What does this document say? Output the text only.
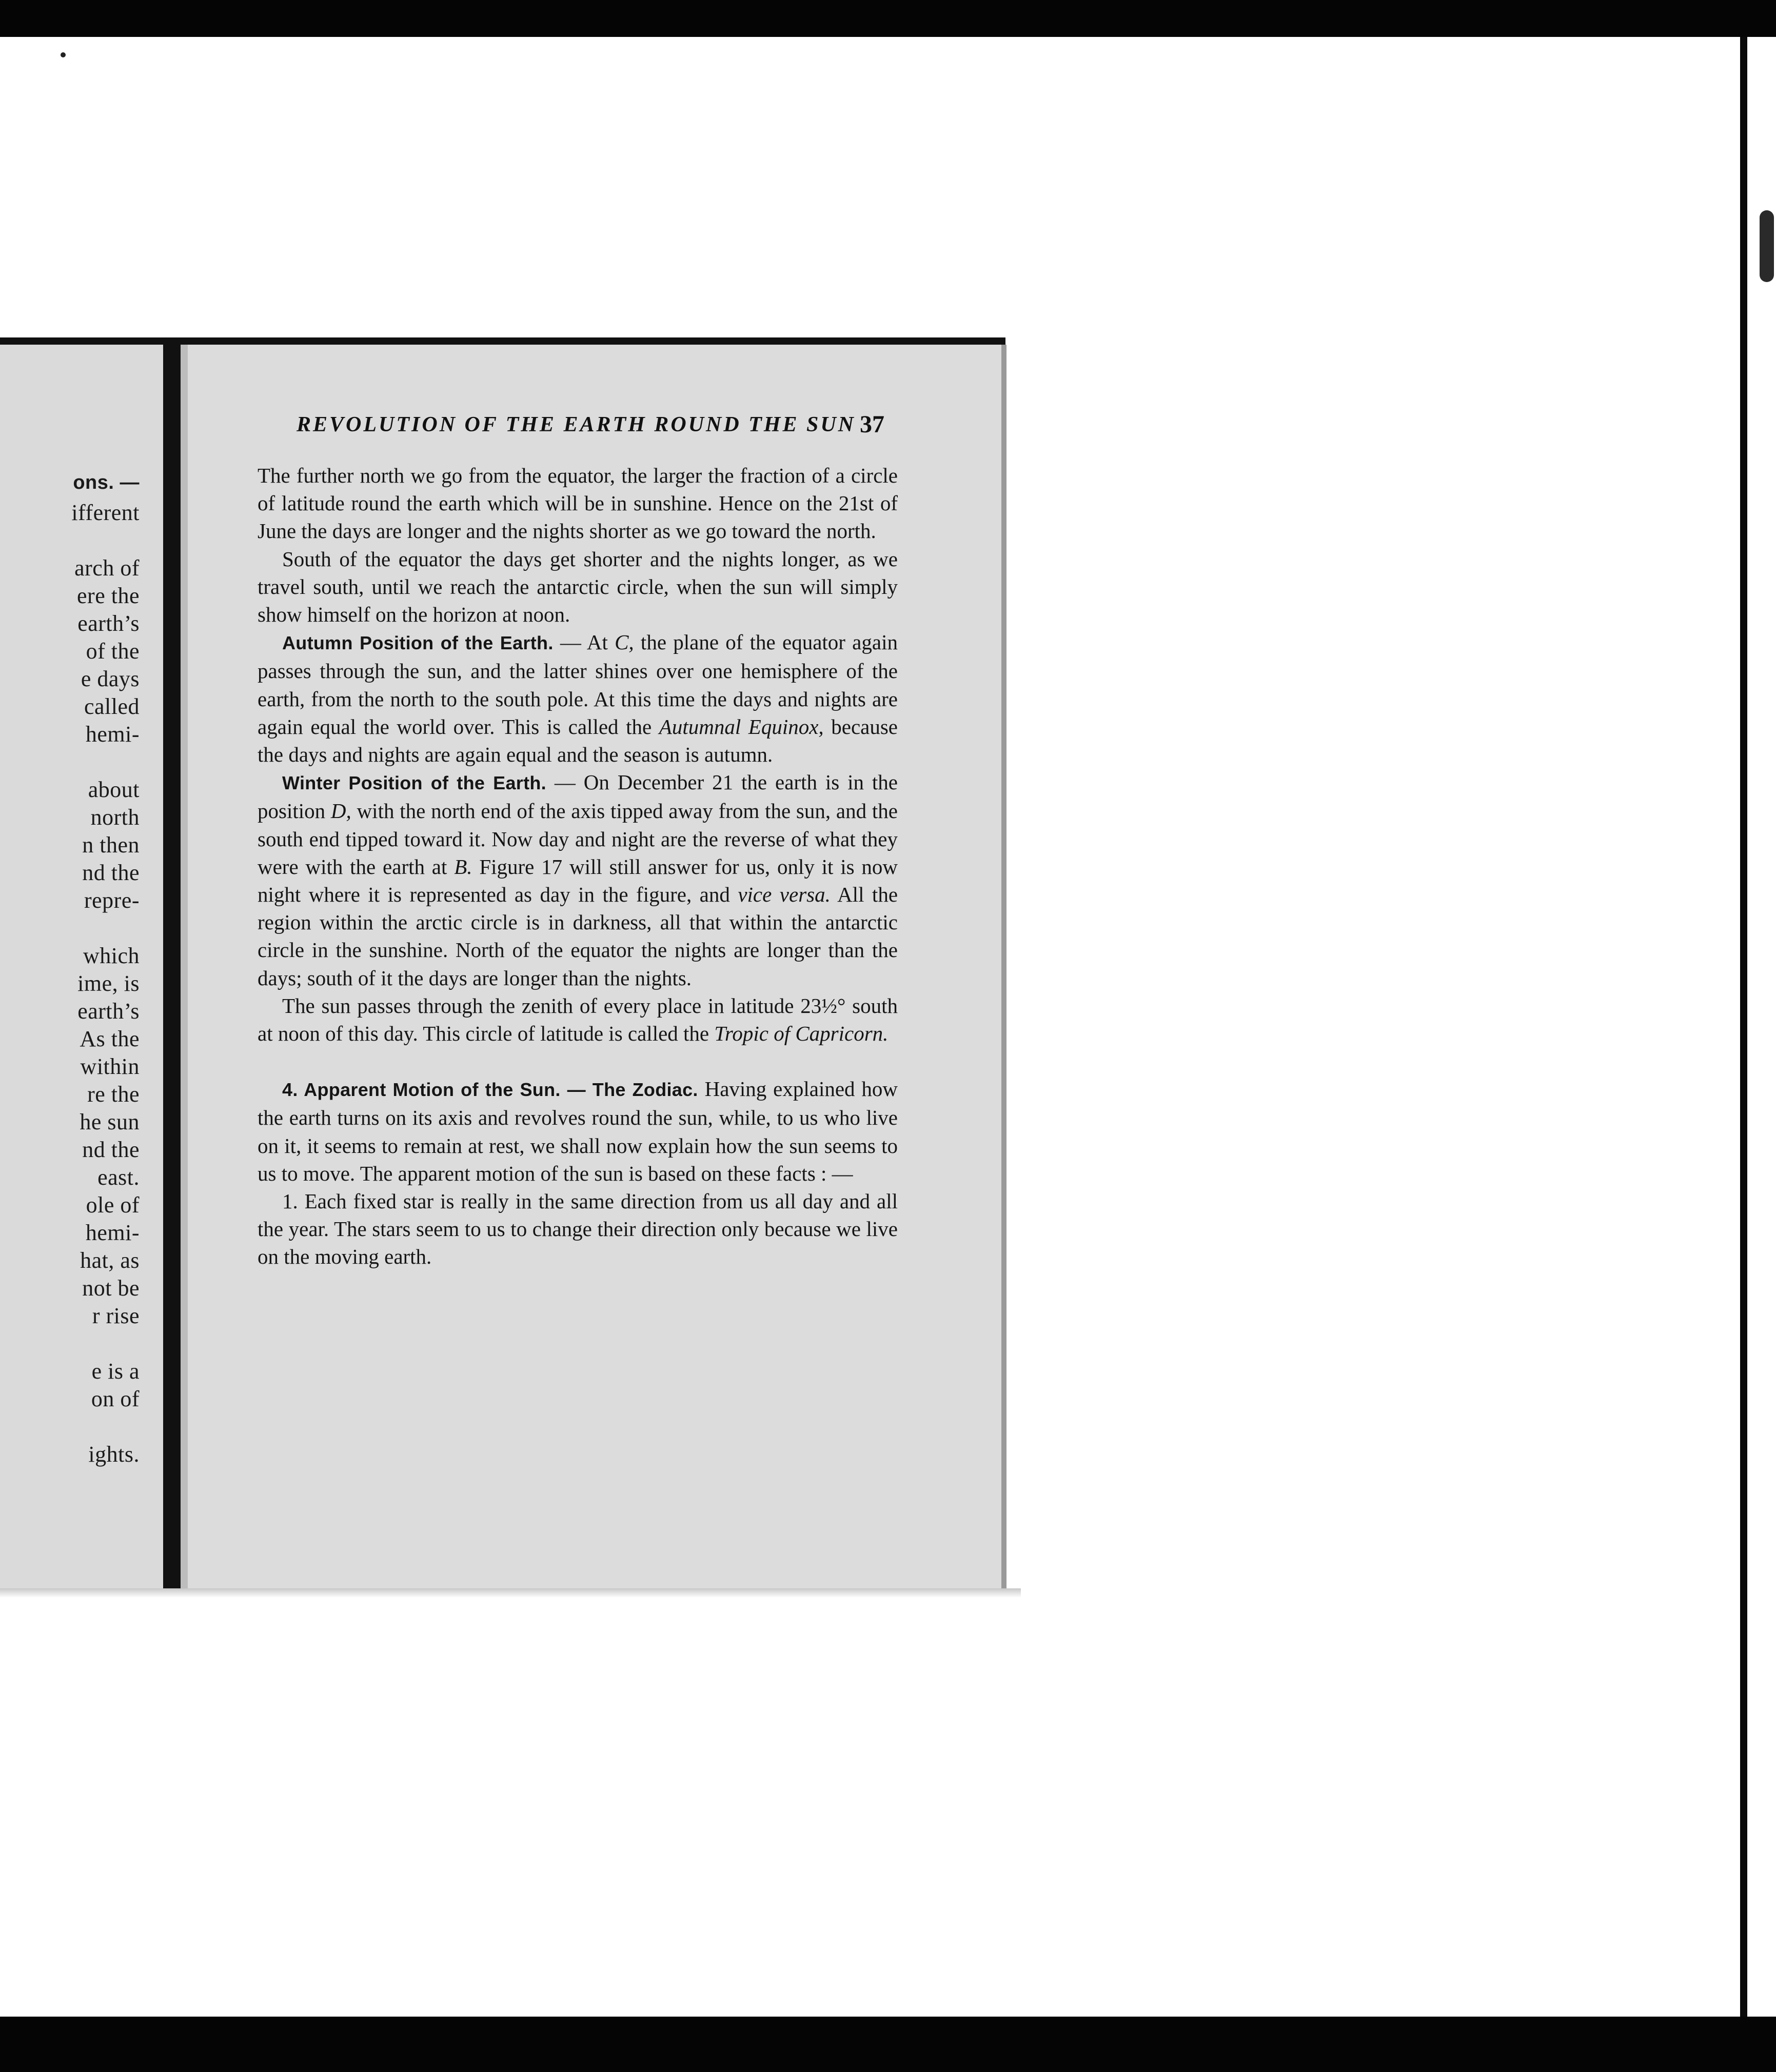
ons. —
ifferent
arch of
ere the
earth’s
of the
e days
called
hemi-
about
north
n then
nd the
repre-
which
ime, is
earth’s
As the
within
re the
he sun
nd the
east.
ole of
hemi-
hat, as
not be
r rise
e is a
on of
ights.
REVOLUTION OF THE EARTH ROUND THE SUN 37

The further north we go from the equator, the larger the fraction of a circle of latitude round the earth which will be in sunshine. Hence on the 21st of June the days are longer and the nights shorter as we go toward the north.

South of the equator the days get shorter and the nights longer, as we travel south, until we reach the antarctic circle, when the sun will simply show himself on the horizon at noon.

Autumn Position of the Earth. — At C, the plane of the equator again passes through the sun, and the latter shines over one hemisphere of the earth, from the north to the south pole. At this time the days and nights are again equal the world over. This is called the Autumnal Equinox, because the days and nights are again equal and the season is autumn.

Winter Position of the Earth. — On December 21 the earth is in the position D, with the north end of the axis tipped away from the sun, and the south end tipped toward it. Now day and night are the reverse of what they were with the earth at B. Figure 17 will still answer for us, only it is now night where it is represented as day in the figure, and vice versa. All the region within the arctic circle is in darkness, all that within the antarctic circle in the sunshine. North of the equator the nights are longer than the days; south of it the days are longer than the nights.

The sun passes through the zenith of every place in latitude 23½° south at noon of this day. This circle of latitude is called the Tropic of Capricorn.

4. Apparent Motion of the Sun. — The Zodiac. Having explained how the earth turns on its axis and revolves round the sun, while, to us who live on it, it seems to remain at rest, we shall now explain how the sun seems to us to move. The apparent motion of the sun is based on these facts : —

1. Each fixed star is really in the same direction from us all day and all the year. The stars seem to us to change their direction only because we live on the moving earth.
